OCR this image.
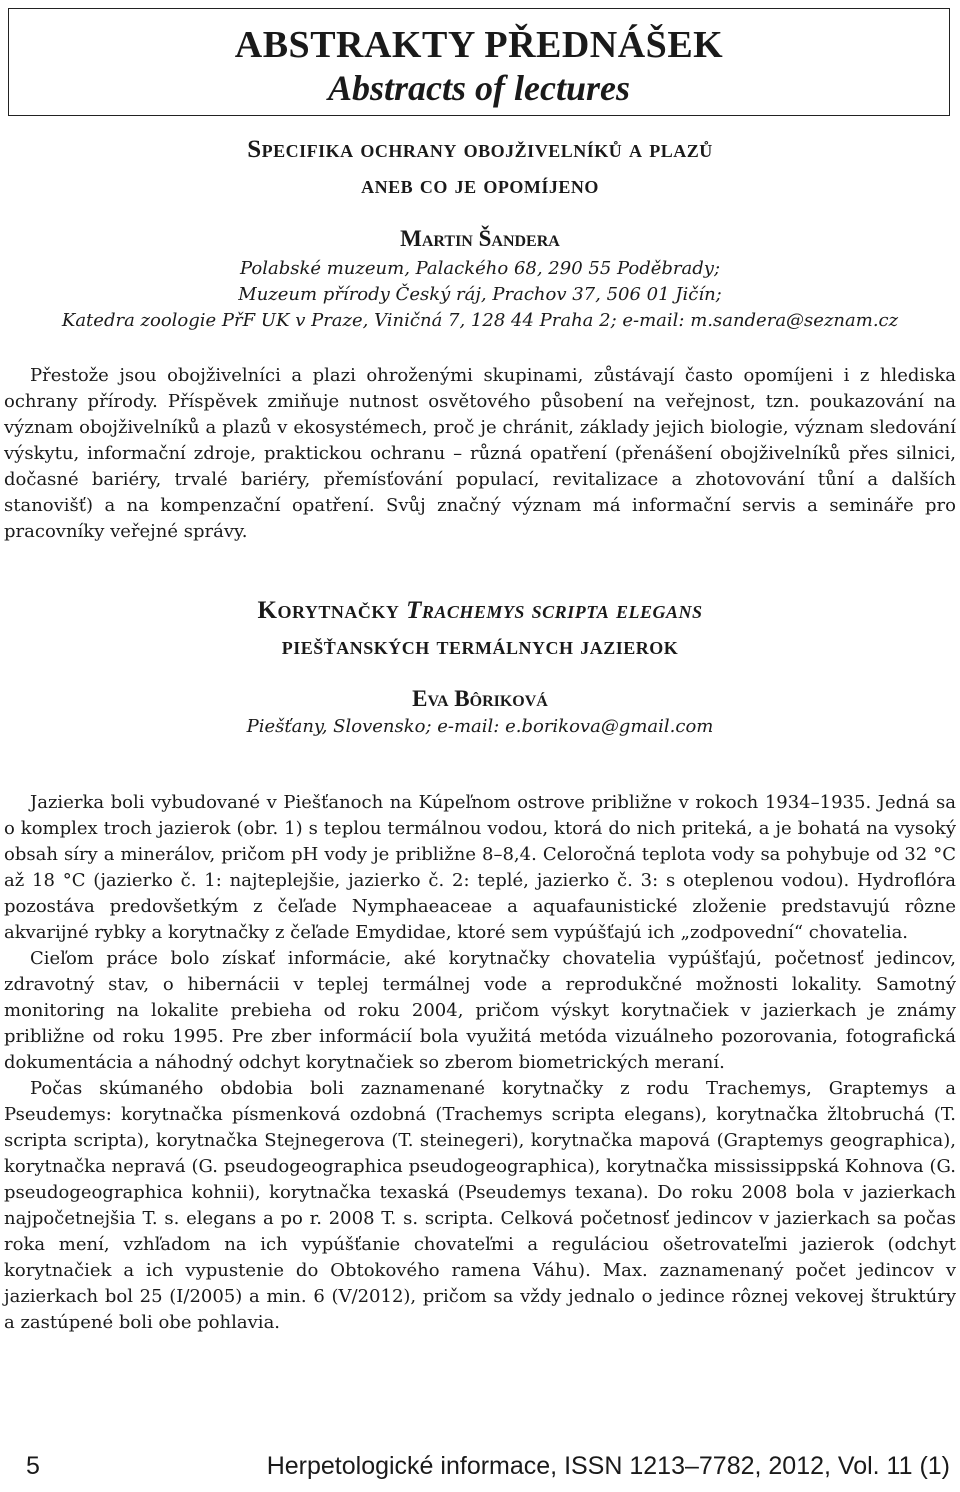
ABSTRAKTY PŘEDNÁŠEK
Abstracts of lectures
Specifika ochrany obojživelníků a plazů
aneb co je opomíjeno
Martin Šandera
Polabské muzeum, Palackého 68, 290 55 Poděbrady;
Muzeum přírody Český ráj, Prachov 37, 506 01 Jičín;
Katedra zoologie PřF UK v Praze, Viničná 7, 128 44 Praha 2; e-mail: m.sandera@seznam.cz

Přestože jsou obojživelníci a plazi ohroženými skupinami, zůstávají často opomíjeni i z hlediska ochrany přírody. Příspěvek zmiňuje nutnost osvětového působení na veřejnost, tzn. poukazování na význam obojživelníků a plazů v ekosystémech, proč je chránit, základy jejich biologie, význam sledování výskytu, informační zdroje, praktickou ochranu – různá opatření (přenášení obojživelníků přes silnici, dočasné bariéry, trvalé bariéry, přemísťování populací, revitalizace a zhotovování tůní a dalších stanovišť) a na kompenzační opatření. Svůj značný význam má informační servis a semináře pro pracovníky veřejné správy.

Korytnačky Trachemys scripta elegans
piešťanských termálnych jazierok
Eva Bôriková
Piešťany, Slovensko; e-mail: e.borikova@gmail.com

Jazierka boli vybudované v Piešťanoch na Kúpeľnom ostrove približne v rokoch 1934–1935. Jedná sa o komplex troch jazierok (obr. 1) s teplou termálnou vodou, ktorá do nich priteká, a je bohatá na vysoký obsah síry a minerálov, pričom pH vody je približne 8–8,4. Celoročná teplota vody sa pohybuje od 32 °C až 18 °C (jazierko č. 1: najteplejšie, jazierko č. 2: teplé, jazierko č. 3: s oteplenou vodou). Hydroflóra pozostáva predovšetkým z čeľade Nymphaeaceae a aquafaunistické zloženie predstavujú rôzne akvarijné rybky a korytnačky z čeľade Emydidae, ktoré sem vypúšťajú ich „zodpovední“ chovatelia.

Cieľom práce bolo získať informácie, aké korytnačky chovatelia vypúšťajú, početnosť jedincov, zdravotný stav, o hibernácii v teplej termálnej vode a reprodukčné možnosti lokality. Samotný monitoring na lokalite prebieha od roku 2004, pričom výskyt korytnačiek v jazierkach je známy približne od roku 1995. Pre zber informácií bola využitá metóda vizuálneho pozorovania, fotografická dokumentácia a náhodný odchyt korytnačiek so zberom biometrických meraní.

Počas skúmaného obdobia boli zaznamenané korytnačky z rodu Trachemys, Graptemys a Pseudemys: korytnačka písmenková ozdobná (Trachemys scripta elegans), korytnačka žltobruchá (T. scripta scripta), korytnačka Stejnegerova (T. steinegeri), korytnačka mapová (Graptemys geographica), korytnačka nepravá (G. pseudogeographica pseudogeographica), korytnačka mississippská Kohnova (G. pseudogeographica kohnii), korytnačka texaská (Pseudemys texana). Do roku 2008 bola v jazierkach najpočetnejšia T. s. elegans a po r. 2008 T. s. scripta. Celková početnosť jedincov v jazierkach sa počas roka mení, vzhľadom na ich vypúšťanie chovateľmi a reguláciou ošetrovateľmi jazierok (odchyt korytnačiek a ich vypustenie do Obtokového ramena Váhu). Max. zaznamenaný počet jedincov v jazierkach bol 25 (I/2005) a min. 6 (V/2012), pričom sa vždy jednalo o jedince rôznej vekovej štruktúry a zastúpené boli obe pohlavia.

5	Herpetologické informace, ISSN 1213–7782, 2012, Vol. 11 (1)
